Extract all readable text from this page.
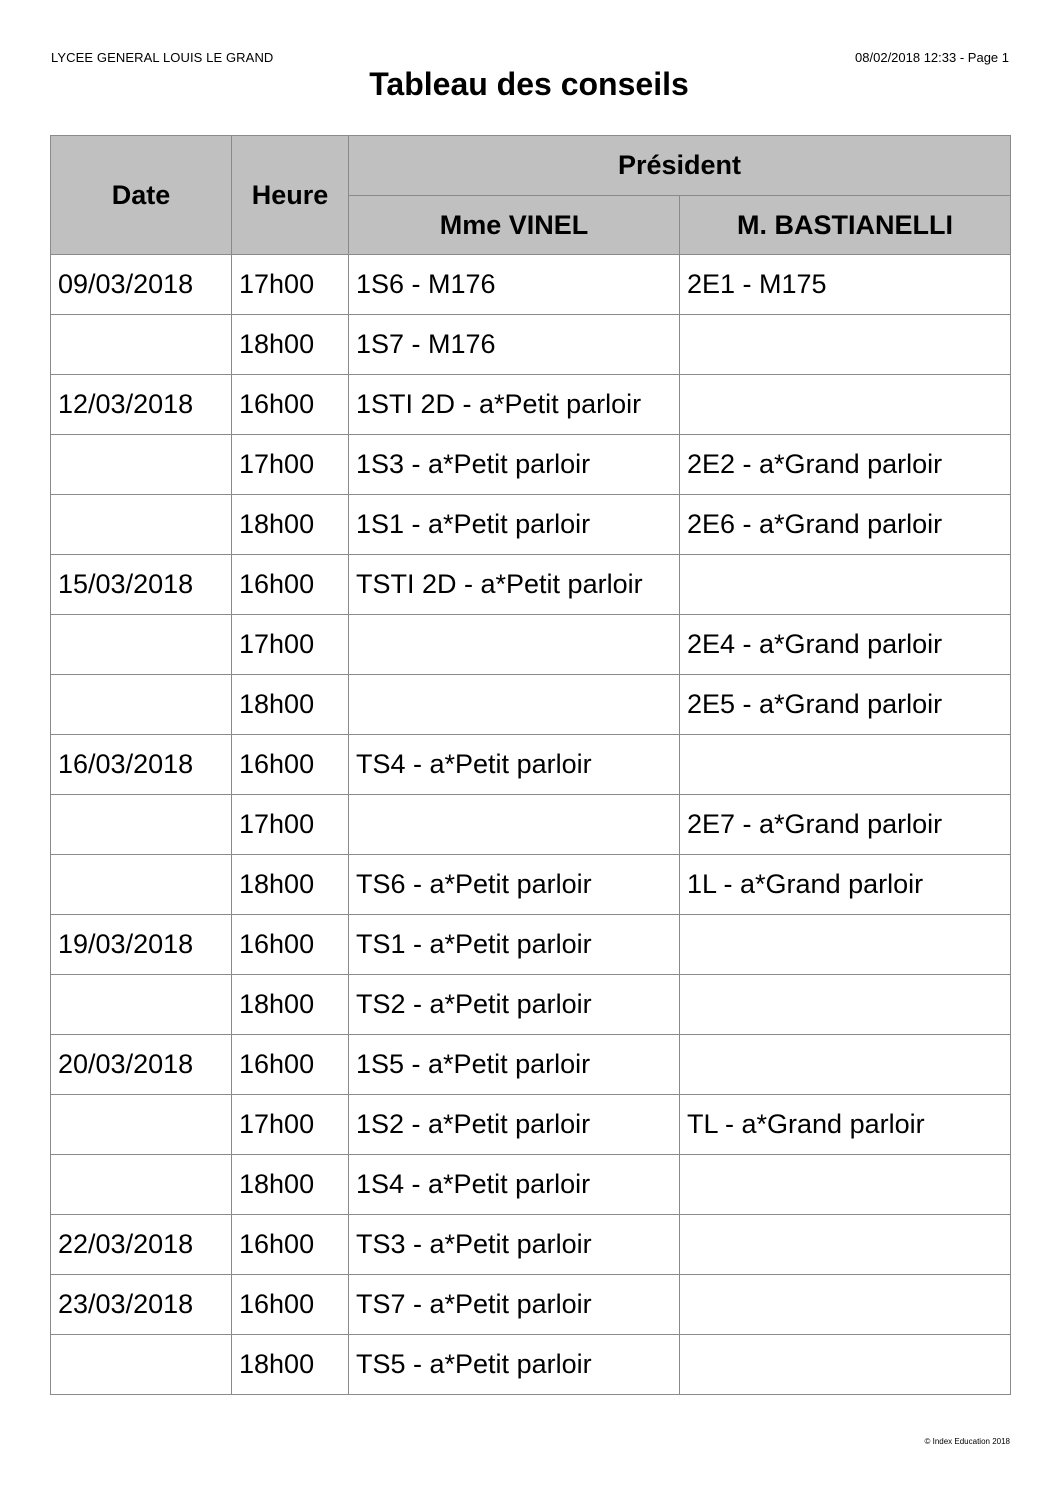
LYCEE GENERAL LOUIS LE GRAND	08/02/2018 12:33 - Page 1
Tableau des conseils
Date	Heure	Président	
		Mme VINEL	M. BASTIANELLI
09/03/2018	17h00	1S6 - M176	2E1 - M175
	18h00	1S7 - M176	
12/03/2018	16h00	1STI 2D - a*Petit parloir	
	17h00	1S3 - a*Petit parloir	2E2 - a*Grand parloir
	18h00	1S1 - a*Petit parloir	2E6 - a*Grand parloir
15/03/2018	16h00	TSTI 2D - a*Petit parloir	
	17h00		2E4 - a*Grand parloir
	18h00		2E5 - a*Grand parloir
16/03/2018	16h00	TS4 - a*Petit parloir	
	17h00		2E7 - a*Grand parloir
	18h00	TS6 - a*Petit parloir	1L - a*Grand parloir
19/03/2018	16h00	TS1 - a*Petit parloir	
	18h00	TS2 - a*Petit parloir	
20/03/2018	16h00	1S5 - a*Petit parloir	
	17h00	1S2 - a*Petit parloir	TL - a*Grand parloir
	18h00	1S4 - a*Petit parloir	
22/03/2018	16h00	TS3 - a*Petit parloir	
23/03/2018	16h00	TS7 - a*Petit parloir	
	18h00	TS5 - a*Petit parloir	
© Index Education 2018
